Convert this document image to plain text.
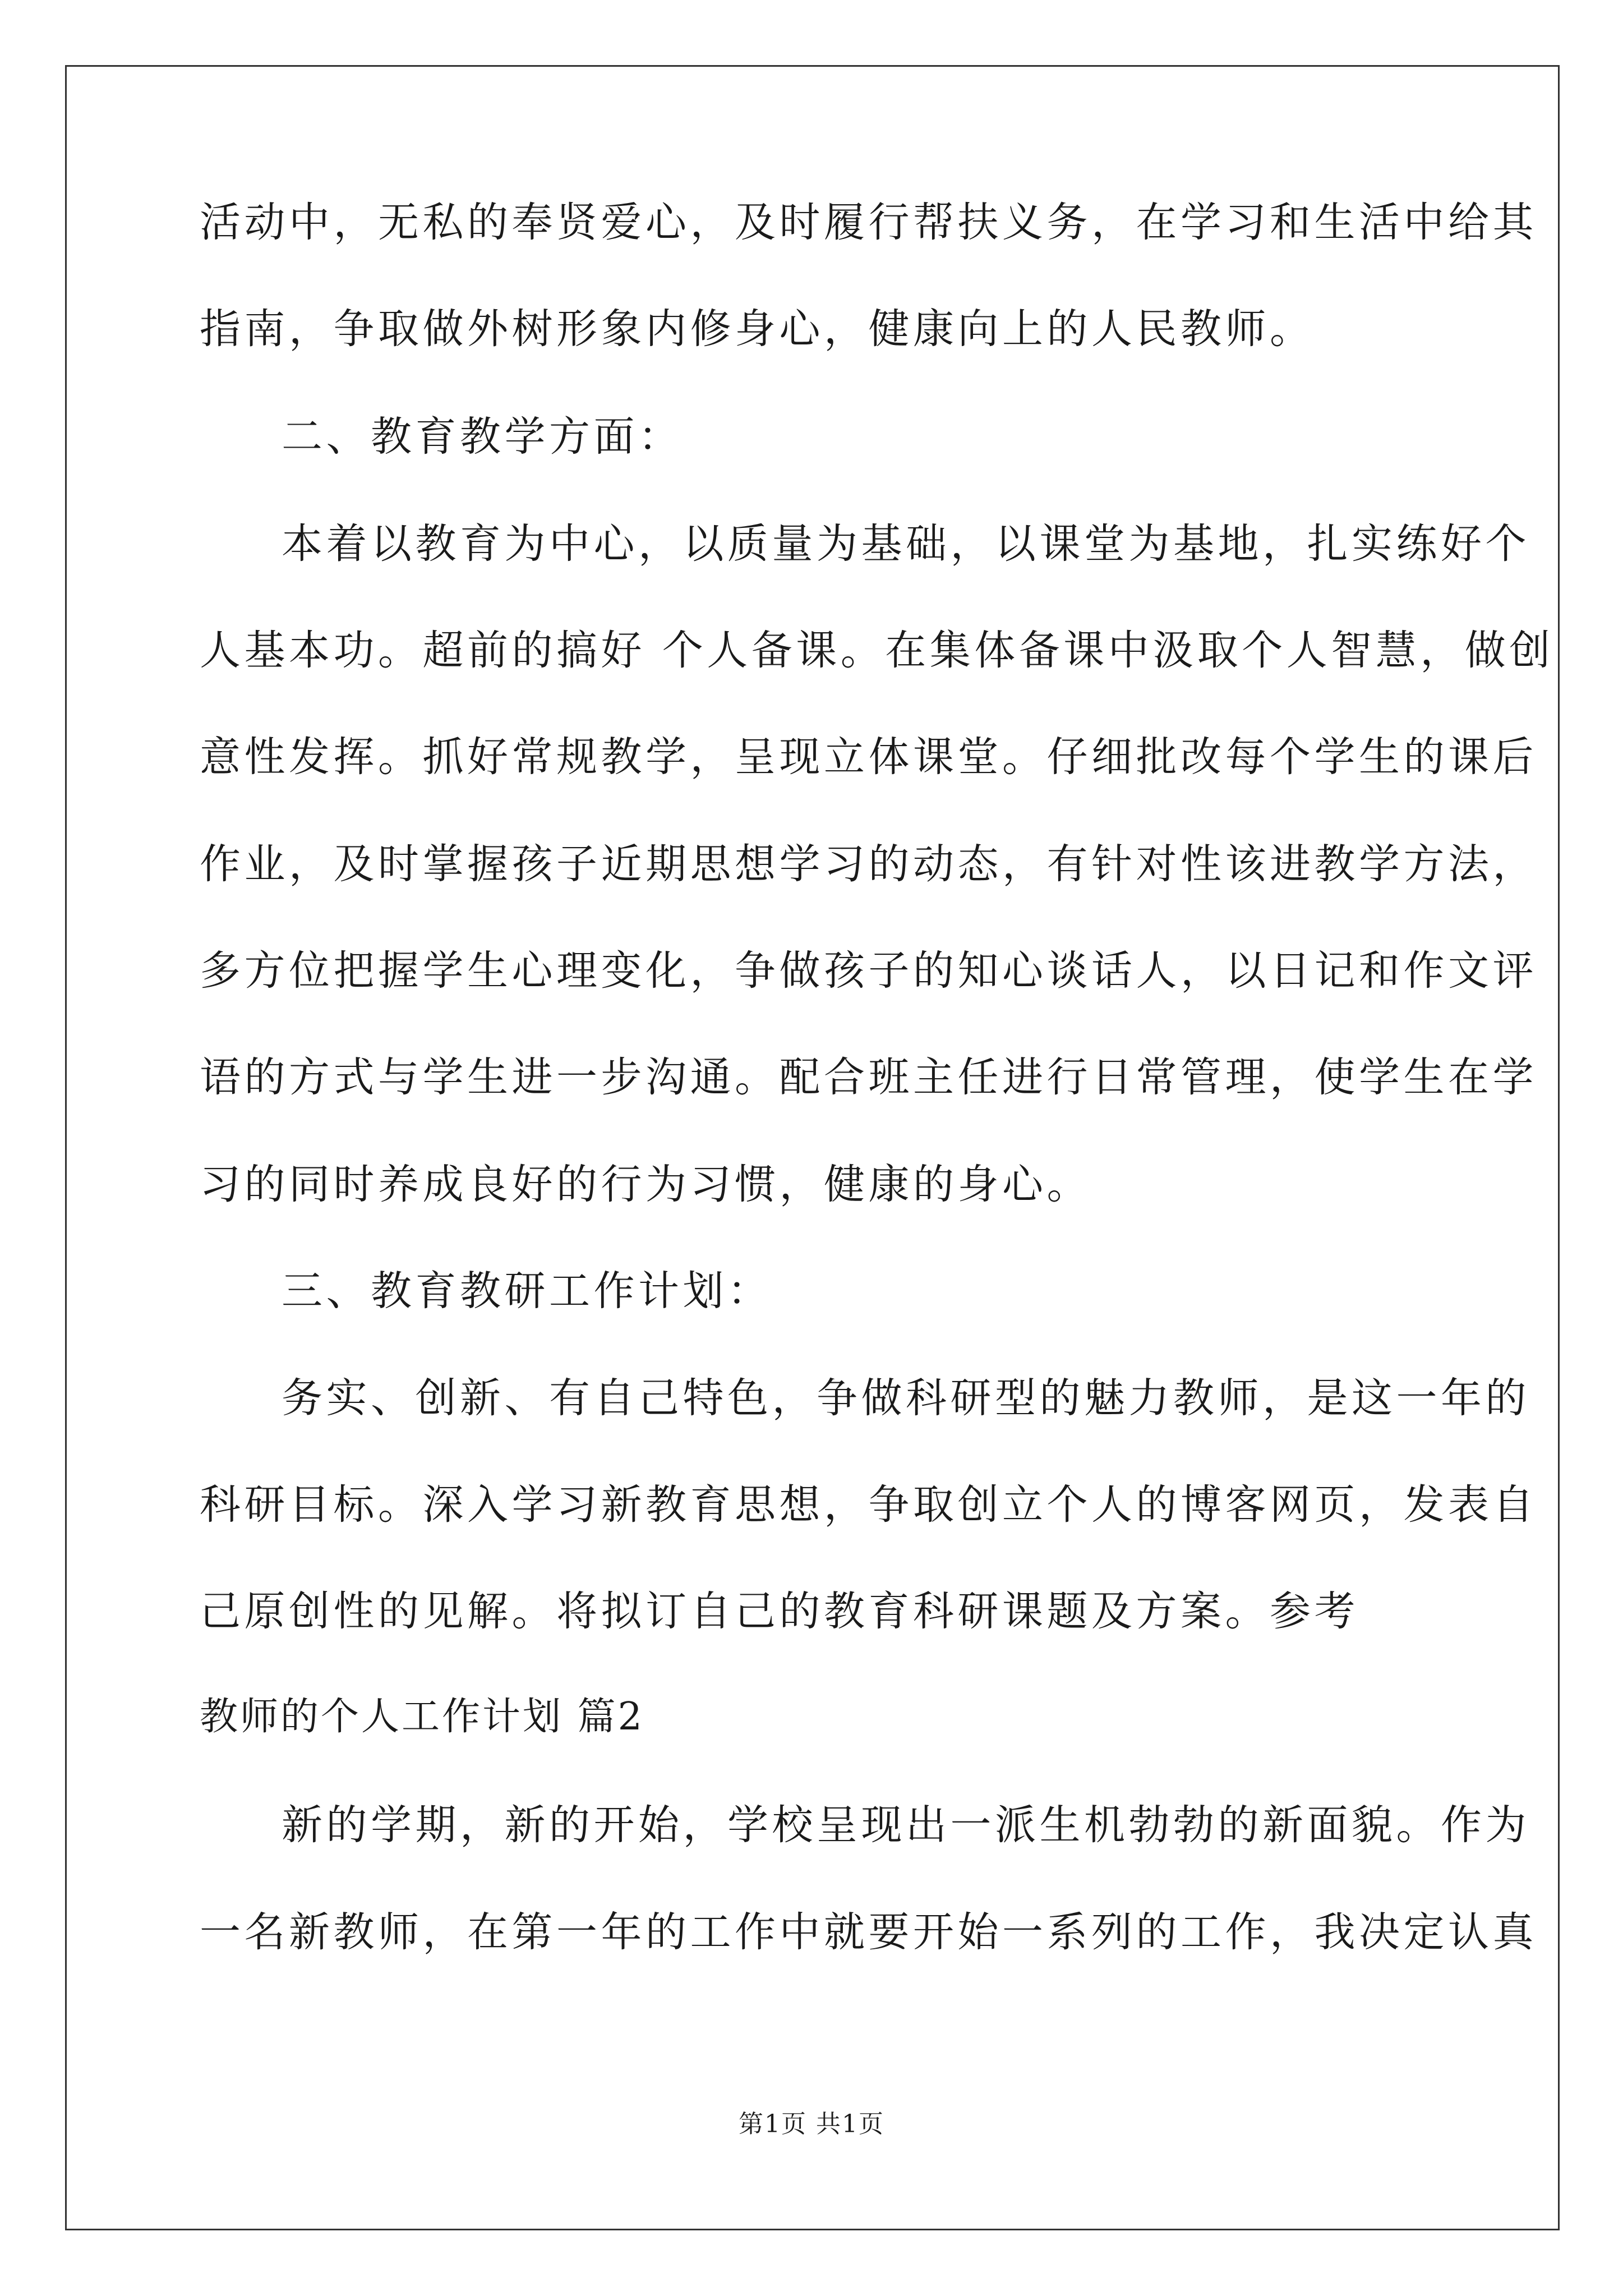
活动中，无私的奉贤爱心，及时履行帮扶义务，在学习和生活中给其
指南，争取做外树形象内修身心，健康向上的人民教师。
二、教育教学方面：
本着以教育为中心，以质量为基础，以课堂为基地，扎实练好个
人基本功。超前的搞好 个人备课。在集体备课中汲取个人智慧，做创
意性发挥。抓好常规教学，呈现立体课堂。仔细批改每个学生的课后
作业，及时掌握孩子近期思想学习的动态，有针对性该进教学方法，
多方位把握学生心理变化，争做孩子的知心谈话人，以日记和作文评
语的方式与学生进一步沟通。配合班主任进行日常管理，使学生在学
习的同时养成良好的行为习惯，健康的身心。
三、教育教研工作计划：
务实、创新、有自己特色，争做科研型的魅力教师，是这一年的
科研目标。深入学习新教育思想，争取创立个人的博客网页，发表自
己原创性的见解。将拟订自己的教育科研课题及方案。参考
教师的个人工作计划 篇2
新的学期，新的开始，学校呈现出一派生机勃勃的新面貌。作为
一名新教师，在第一年的工作中就要开始一系列的工作，我决定认真
第1页 共1页
